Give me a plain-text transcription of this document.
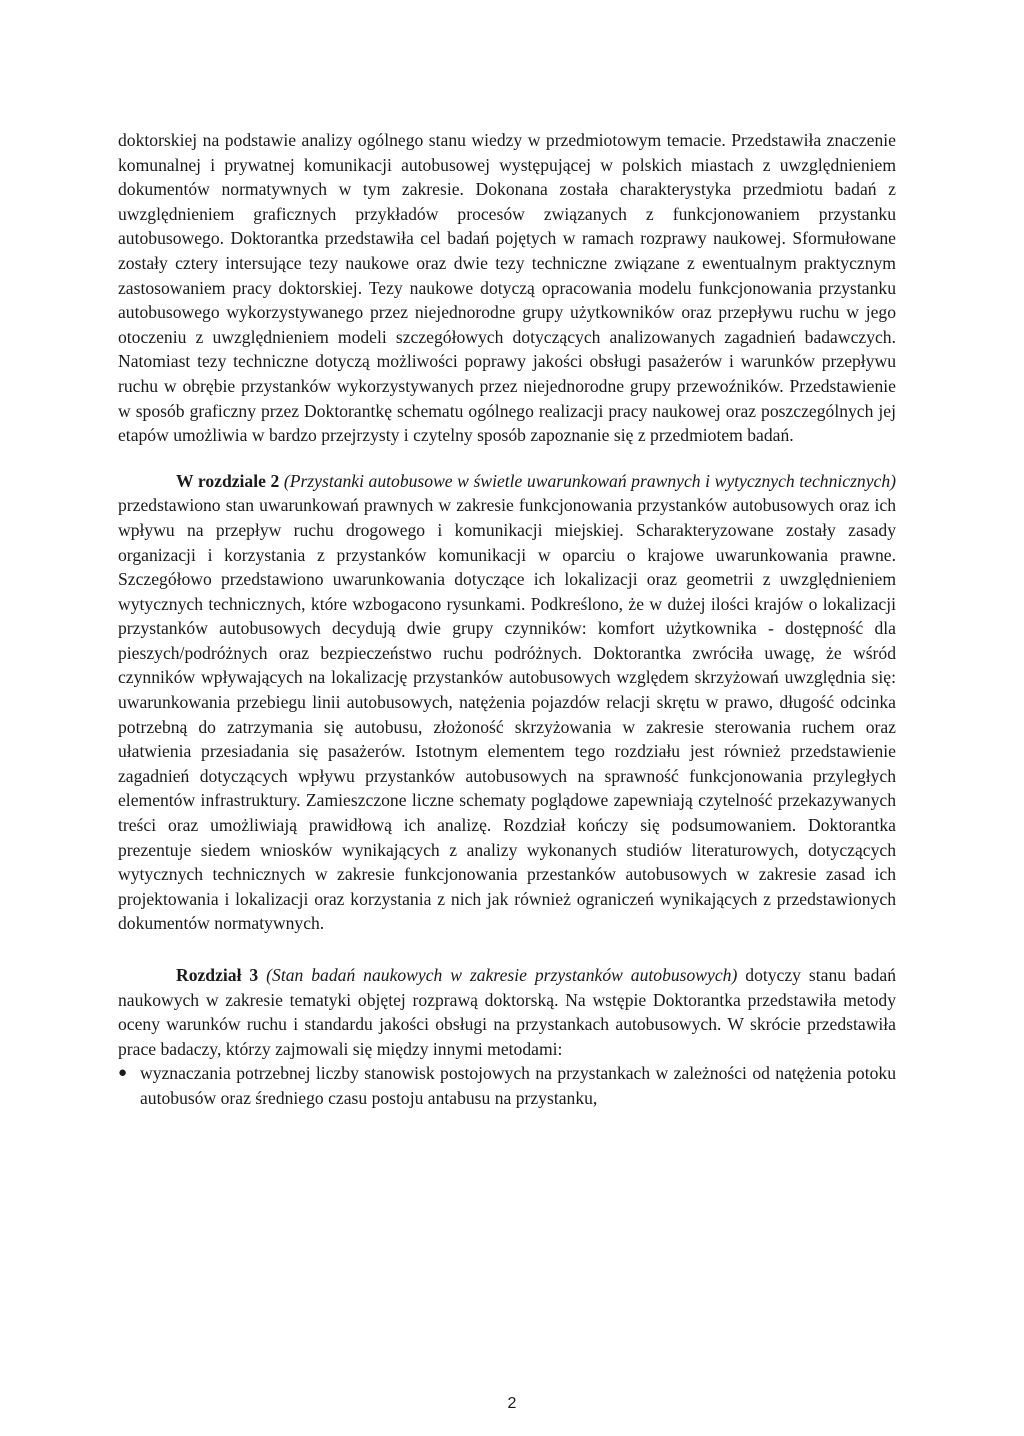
doktorskiej na podstawie analizy ogólnego stanu wiedzy w przedmiotowym temacie. Przedstawiła znaczenie komunalnej i prywatnej komunikacji autobusowej występującej w polskich miastach z uwzględnieniem dokumentów normatywnych w tym zakresie. Dokonana została charakterystyka przedmiotu badań z uwzględnieniem graficznych przykładów procesów związanych z funkcjonowaniem przystanku autobusowego. Doktorantka przedstawiła cel badań pojętych w ramach rozprawy naukowej. Sformułowane zostały cztery intersujące tezy naukowe oraz dwie tezy techniczne związane z ewentualnym praktycznym zastosowaniem pracy doktorskiej. Tezy naukowe dotyczą opracowania modelu funkcjonowania przystanku autobusowego wykorzystywanego przez niejednorodne grupy użytkowników oraz przepływu ruchu w jego otoczeniu z uwzględnieniem modeli szczegółowych dotyczących analizowanych zagadnień badawczych. Natomiast tezy techniczne dotyczą możliwości poprawy jakości obsługi pasażerów i warunków przepływu ruchu w obrębie przystanków wykorzystywanych przez niejednorodne grupy przewoźników. Przedstawienie w sposób graficzny przez Doktorantkę schematu ogólnego realizacji pracy naukowej oraz poszczególnych jej etapów umożliwia w bardzo przejrzysty i czytelny sposób zapoznanie się z przedmiotem badań.

W rozdziale 2 (Przystanki autobusowe w świetle uwarunkowań prawnych i wytycznych technicznych) przedstawiono stan uwarunkowań prawnych w zakresie funkcjonowania przystanków autobusowych oraz ich wpływu na przepływ ruchu drogowego i komunikacji miejskiej. Scharakteryzowane zostały zasady organizacji i korzystania z przystanków komunikacji w oparciu o krajowe uwarunkowania prawne. Szczegółowo przedstawiono uwarunkowania dotyczące ich lokalizacji oraz geometrii z uwzględnieniem wytycznych technicznych, które wzbogacono rysunkami. Podkreślono, że w dużej ilości krajów o lokalizacji przystanków autobusowych decydują dwie grupy czynników: komfort użytkownika - dostępność dla pieszych/podróżnych oraz bezpieczeństwo ruchu podróżnych. Doktorantka zwróciła uwagę, że wśród czynników wpływających na lokalizację przystanków autobusowych względem skrzyżowań uwzględnia się: uwarunkowania przebiegu linii autobusowych, natężenia pojazdów relacji skrętu w prawo, długość odcinka potrzebną do zatrzymania się autobusu, złożoność skrzyżowania w zakresie sterowania ruchem oraz ułatwienia przesiadania się pasażerów. Istotnym elementem tego rozdziału jest również przedstawienie zagadnień dotyczących wpływu przystanków autobusowych na sprawność funkcjonowania przyległych elementów infrastruktury. Zamieszczone liczne schematy poglądowe zapewniają czytelność przekazywanych treści oraz umożliwiają prawidłową ich analizę. Rozdział kończy się podsumowaniem. Doktorantka prezentuje siedem wniosków wynikających z analizy wykonanych studiów literaturowych, dotyczących wytycznych technicznych w zakresie funkcjonowania przestanków autobusowych w zakresie zasad ich projektowania i lokalizacji oraz korzystania z nich jak również ograniczeń wynikających z przedstawionych dokumentów normatywnych.

Rozdział 3 (Stan badań naukowych w zakresie przystanków autobusowych) dotyczy stanu badań naukowych w zakresie tematyki objętej rozprawą doktorską. Na wstępie Doktorantka przedstawiła metody oceny warunków ruchu i standardu jakości obsługi na przystankach autobusowych. W skrócie przedstawiła prace badaczy, którzy zajmowali się między innymi metodami:

● wyznaczania potrzebnej liczby stanowisk postojowych na przystankach w zależności od natężenia potoku autobusów oraz średniego czasu postoju antabusu na przystanku,
2
